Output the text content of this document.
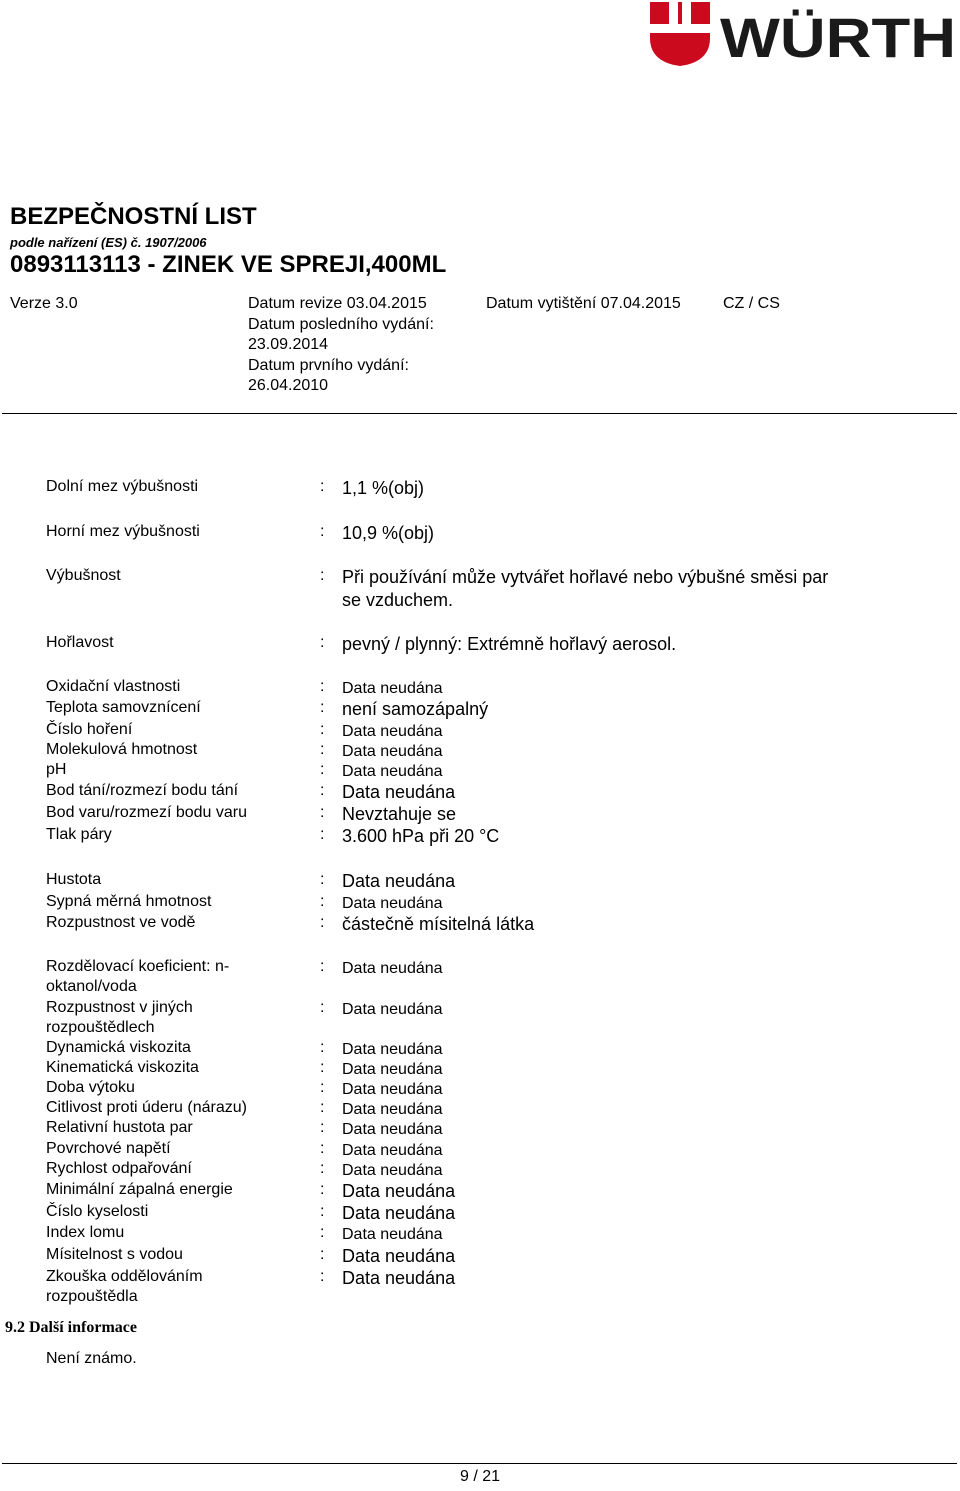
WÜRTH
BEZPEČNOSTNÍ LIST
podle nařízení (ES) č. 1907/2006
0893113113 - ZINEK VE SPREJI,400ML
Verze 3.0	Datum revize 03.04.2015
Datum posledního vydání:
23.09.2014
Datum prvního vydání:
26.04.2010
Datum vytištění 07.04.2015	CZ / CS
Dolní mez výbušnosti	: 1,1 %(obj)
Horní mez výbušnosti	: 10,9 %(obj)
Výbušnost	: Při používání může vytvářet hořlavé nebo výbušné směsi par
se vzduchem.
Hořlavost	: pevný / plynný: Extrémně hořlavý aerosol.
Oxidační vlastnosti	: Data neudána
Teplota samovznícení	: není samozápalný
Číslo hoření	: Data neudána
Molekulová hmotnost	: Data neudána
pH	: Data neudána
Bod tání/rozmezí bodu tání	: Data neudána
Bod varu/rozmezí bodu varu	: Nevztahuje se
Tlak páry	: 3.600 hPa při 20 °C
Hustota	: Data neudána
Sypná měrná hmotnost	: Data neudána
Rozpustnost ve vodě	: částečně mísitelná látka
Rozdělovací koeficient: n-
oktanol/voda
: Data neudána
Rozpustnost v jiných
rozpouštědlech
: Data neudána
Dynamická viskozita	: Data neudána
Kinematická viskozita	: Data neudána
Doba výtoku	: Data neudána
Citlivost proti úderu (nárazu)	: Data neudána
Relativní hustota par	: Data neudána
Povrchové napětí	: Data neudána
Rychlost odpařování	: Data neudána
Minimální zápalná energie	: Data neudána
Číslo kyselosti	: Data neudána
Index lomu	: Data neudána
Mísitelnost s vodou	: Data neudána
Zkouška oddělováním
rozpouštědla
: Data neudána
9.2 Další informace
Není známo.
9 / 21
